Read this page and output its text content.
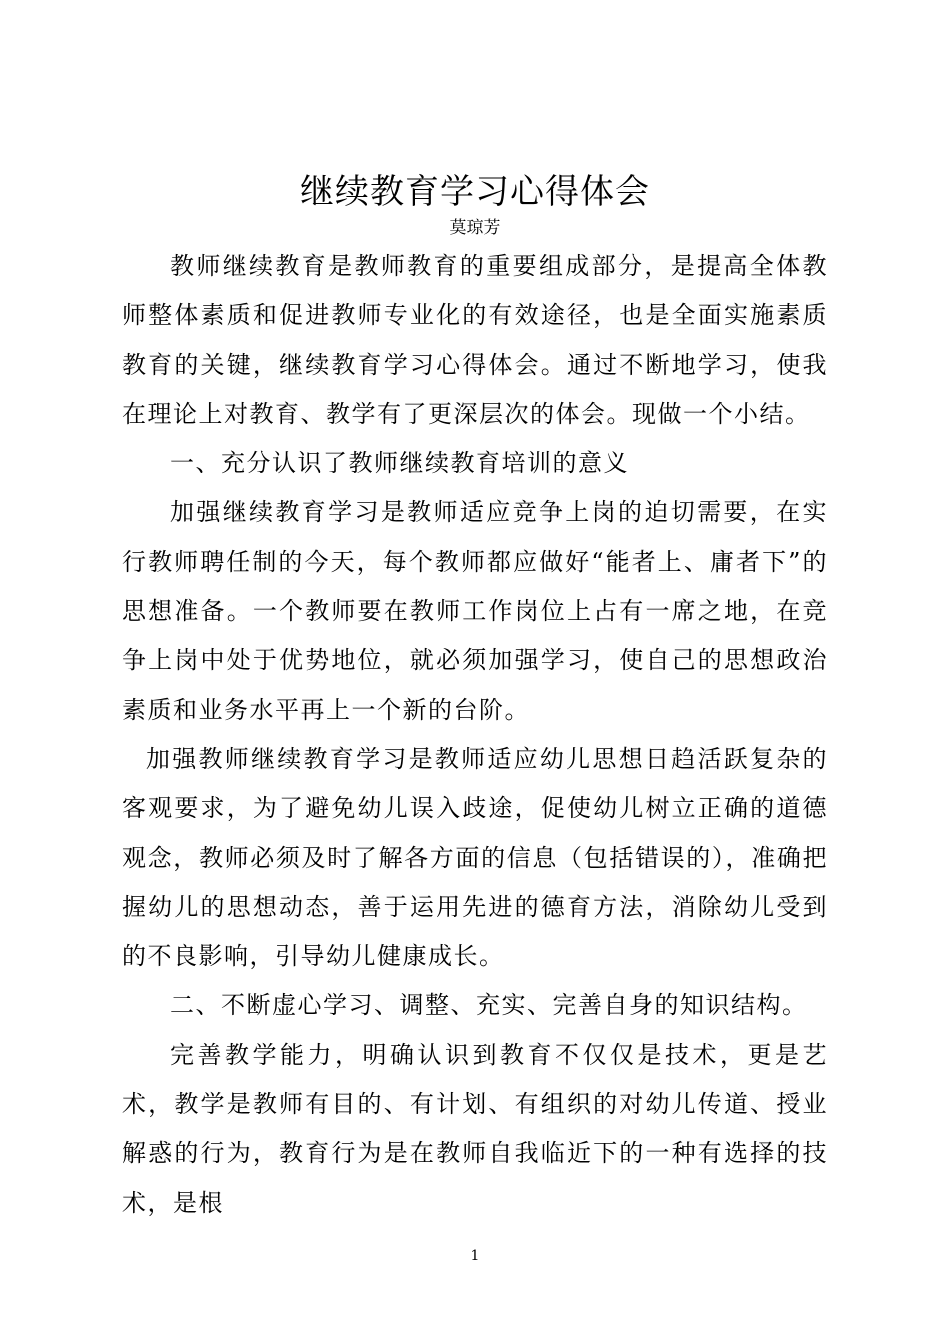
继续教育学习心得体会
莫琼芳

教师继续教育是教师教育的重要组成部分，是提高全体教师整体素质和促进教师专业化的有效途径，也是全面实施素质教育的关键，继续教育学习心得体会。通过不断地学习，使我在理论上对教育、教学有了更深层次的体会。现做一个小结。

一、充分认识了教师继续教育培训的意义

加强继续教育学习是教师适应竞争上岗的迫切需要，在实行教师聘任制的今天，每个教师都应做好“能者上、庸者下”的思想准备。一个教师要在教师工作岗位上占有一席之地，在竞争上岗中处于优势地位，就必须加强学习，使自己的思想政治素质和业务水平再上一个新的台阶。

加强教师继续教育学习是教师适应幼儿思想日趋活跃复杂的客观要求，为了避免幼儿误入歧途，促使幼儿树立正确的道德观念，教师必须及时了解各方面的信息（包括错误的），准确把握幼儿的思想动态，善于运用先进的德育方法，消除幼儿受到的不良影响，引导幼儿健康成长。

二、不断虚心学习、调整、充实、完善自身的知识结构。

完善教学能力，明确认识到教育不仅仅是技术，更是艺术，教学是教师有目的、有计划、有组织的对幼儿传道、授业解惑的行为，教育行为是在教师自我临近下的一种有选择的技术，是根

1
